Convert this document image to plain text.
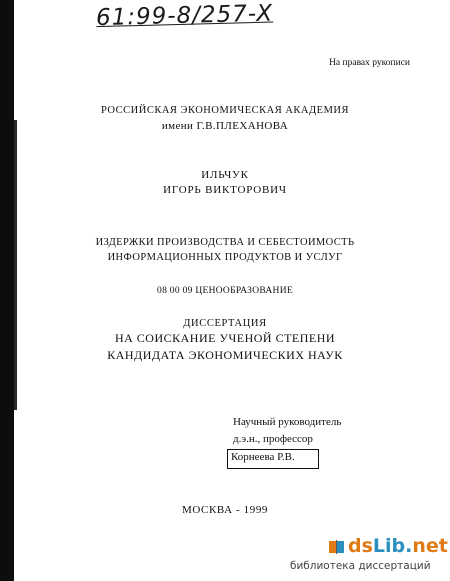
61:99-8/257-X
На правах рукописи
РОССИЙСКАЯ ЭКОНОМИЧЕСКАЯ АКАДЕМИЯ
имени Г.В.ПЛЕХАНОВА
ИЛЬЧУК
ИГОРЬ ВИКТОРОВИЧ
ИЗДЕРЖКИ ПРОИЗВОДСТВА И СЕБЕСТОИМОСТЬ
ИНФОРМАЦИОННЫХ ПРОДУКТОВ И УСЛУГ
08 00 09 ЦЕНООБРАЗОВАНИЕ
ДИССЕРТАЦИЯ
НА СОИСКАНИЕ УЧЕНОЙ СТЕПЕНИ
КАНДИДАТА ЭКОНОМИЧЕСКИХ НАУК
Научный руководитель
д.э.н., профессор
Корнеева Р.В.
МОСКВА - 1999
dsLib.net
библиотека диссертаций
